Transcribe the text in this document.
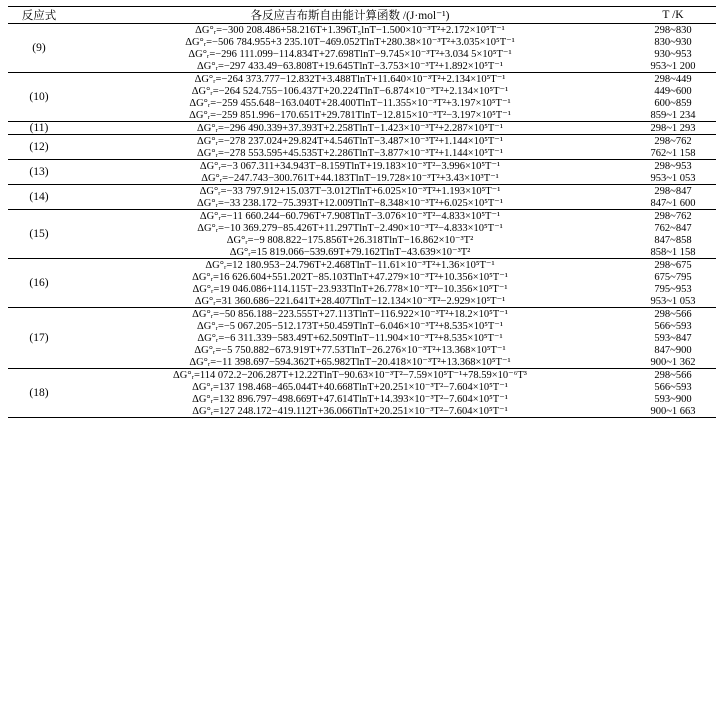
反应式	各反应吉布斯自由能计算函数 /(J·mol⁻¹)	T /K
(9)	ΔG°ᵣ=−300 208.486+58.216T+1.396T₅lnT−1.500×10⁻³T²+2.172×10⁵T⁻¹	298~830
	ΔG°ᵣ=−506 784.955+3 235.10T−469.052TlnT+280.38×10⁻³T²+3.035×10⁵T⁻¹	830~930
	ΔG°ᵣ=−296 111.099−114.834T+27.698TlnT−9.745×10⁻³T²+3.034 5×10⁵T⁻¹	930~953
	ΔG°ᵣ=−297 433.49−63.808T+19.645TlnT−3.753×10⁻³T²+1.892×10⁵T⁻¹	953~1 200
(10)	ΔG°ᵣ=−264 373.777−12.832T+3.488TlnT+11.640×10⁻³T²+2.134×10⁵T⁻¹	298~449
	ΔG°ᵣ=−264 524.755−106.437T+20.224TlnT−6.874×10⁻³T²+2.134×10⁵T⁻¹	449~600
	ΔG°ᵣ=−259 455.648−163.040T+28.400TlnT−11.355×10⁻³T²+3.197×10⁵T⁻¹	600~859
	ΔG°ᵣ=−259 851.996−170.651T+29.781TlnT−12.815×10⁻³T²−3.197×10⁵T⁻¹	859~1 234
(11)	ΔG°ᵣ=−296 490.339+37.393T+2.258TlnT−1.423×10⁻³T²+2.287×10⁵T⁻¹	298~1 293
(12)	ΔG°ᵣ=−278 237.024+29.824T+4.546TlnT−3.487×10⁻³T²+1.144×10⁵T⁻¹	298~762
	ΔG°ᵣ=−278 553.595+45.535T+2.286TlnT−3.877×10⁻³T²+1.144×10⁵T⁻¹	762~1 158
(13)	ΔG°ᵣ=−3 067.311+34.943T−8.159TlnT+19.183×10⁻³T²−3.996×10⁵T⁻¹	298~953
	ΔG°ᵣ=−247.743−300.761T+44.183TlnT−19.728×10⁻³T²+3.43×10³T⁻¹	953~1 053
(14)	ΔG°ᵣ=−33 797.912+15.037T−3.012TlnT+6.025×10⁻³T²+1.193×10⁵T⁻¹	298~847
	ΔG°ᵣ=−33 238.172−75.393T+12.009TlnT−8.348×10⁻³T²+6.025×10⁵T⁻¹	847~1 600
(15)	ΔG°ᵣ=−11 660.244−60.796T+7.908TlnT−3.076×10⁻³T²−4.833×10⁵T⁻¹	298~762
	ΔG°ᵣ=−10 369.279−85.426T+11.297TlnT−2.490×10⁻³T²−4.833×10⁵T⁻¹	762~847
	ΔG°ᵣ=−9 808.822−175.856T+26.318TlnT−16.862×10⁻³T²	847~858
	ΔG°ᵣ=15 819.066−539.69T+79.162TlnT−43.639×10⁻³T²	858~1 158
(16)	ΔG°ᵣ=12 180.953−24.796T+2.468TlnT−11.61×10⁻³T²+1.36×10⁵T⁻¹	298~675
	ΔG°ᵣ=16 626.604+551.202T−85.103TlnT+47.279×10⁻³T²+10.356×10⁵T⁻¹	675~795
	ΔG°ᵣ=19 046.086+114.115T−23.933TlnT+26.778×10⁻³T²−10.356×10⁵T⁻¹	795~953
	ΔG°ᵣ=31 360.686−221.641T+28.407TlnT−12.134×10⁻³T²−2.929×10⁵T⁻¹	953~1 053
(17)	ΔG°ᵣ=−50 856.188−223.555T+27.113TlnT−116.922×10⁻³T²+18.2×10⁵T⁻¹	298~566
	ΔG°ᵣ=−5 067.205−512.173T+50.459TlnT−6.046×10⁻³T²+8.535×10⁵T⁻¹	566~593
	ΔG°ᵣ=−6 311.339−583.49T+62.509TlnT−11.904×10⁻³T²+8.535×10⁵T⁻¹	593~847
	ΔG°ᵣ=−5 750.882−673.919T+77.53TlnT−26.276×10⁻³T²+13.368×10⁵T⁻¹	847~900
	ΔG°ᵣ=−11 398.697−594.362T+65.982TlnT−20.418×10⁻³T²+13.368×10⁵T⁻¹	900~1 362
(18)	ΔG°ᵣ=114 072.2−206.287T+12.22TlnT−90.63×10⁻³T²−7.59×10⁵T⁻¹+78.59×10⁻⁶T³	298~566
	ΔG°ᵣ=137 198.468−465.044T+40.668TlnT+20.251×10⁻³T²−7.604×10⁵T⁻¹	566~593
	ΔG°ᵣ=132 896.797−498.669T+47.614TlnT+14.393×10⁻³T²−7.604×10⁵T⁻¹	593~900
	ΔG°ᵣ=127 248.172−419.112T+36.066TlnT+20.251×10⁻³T²−7.604×10⁵T⁻¹	900~1 663
